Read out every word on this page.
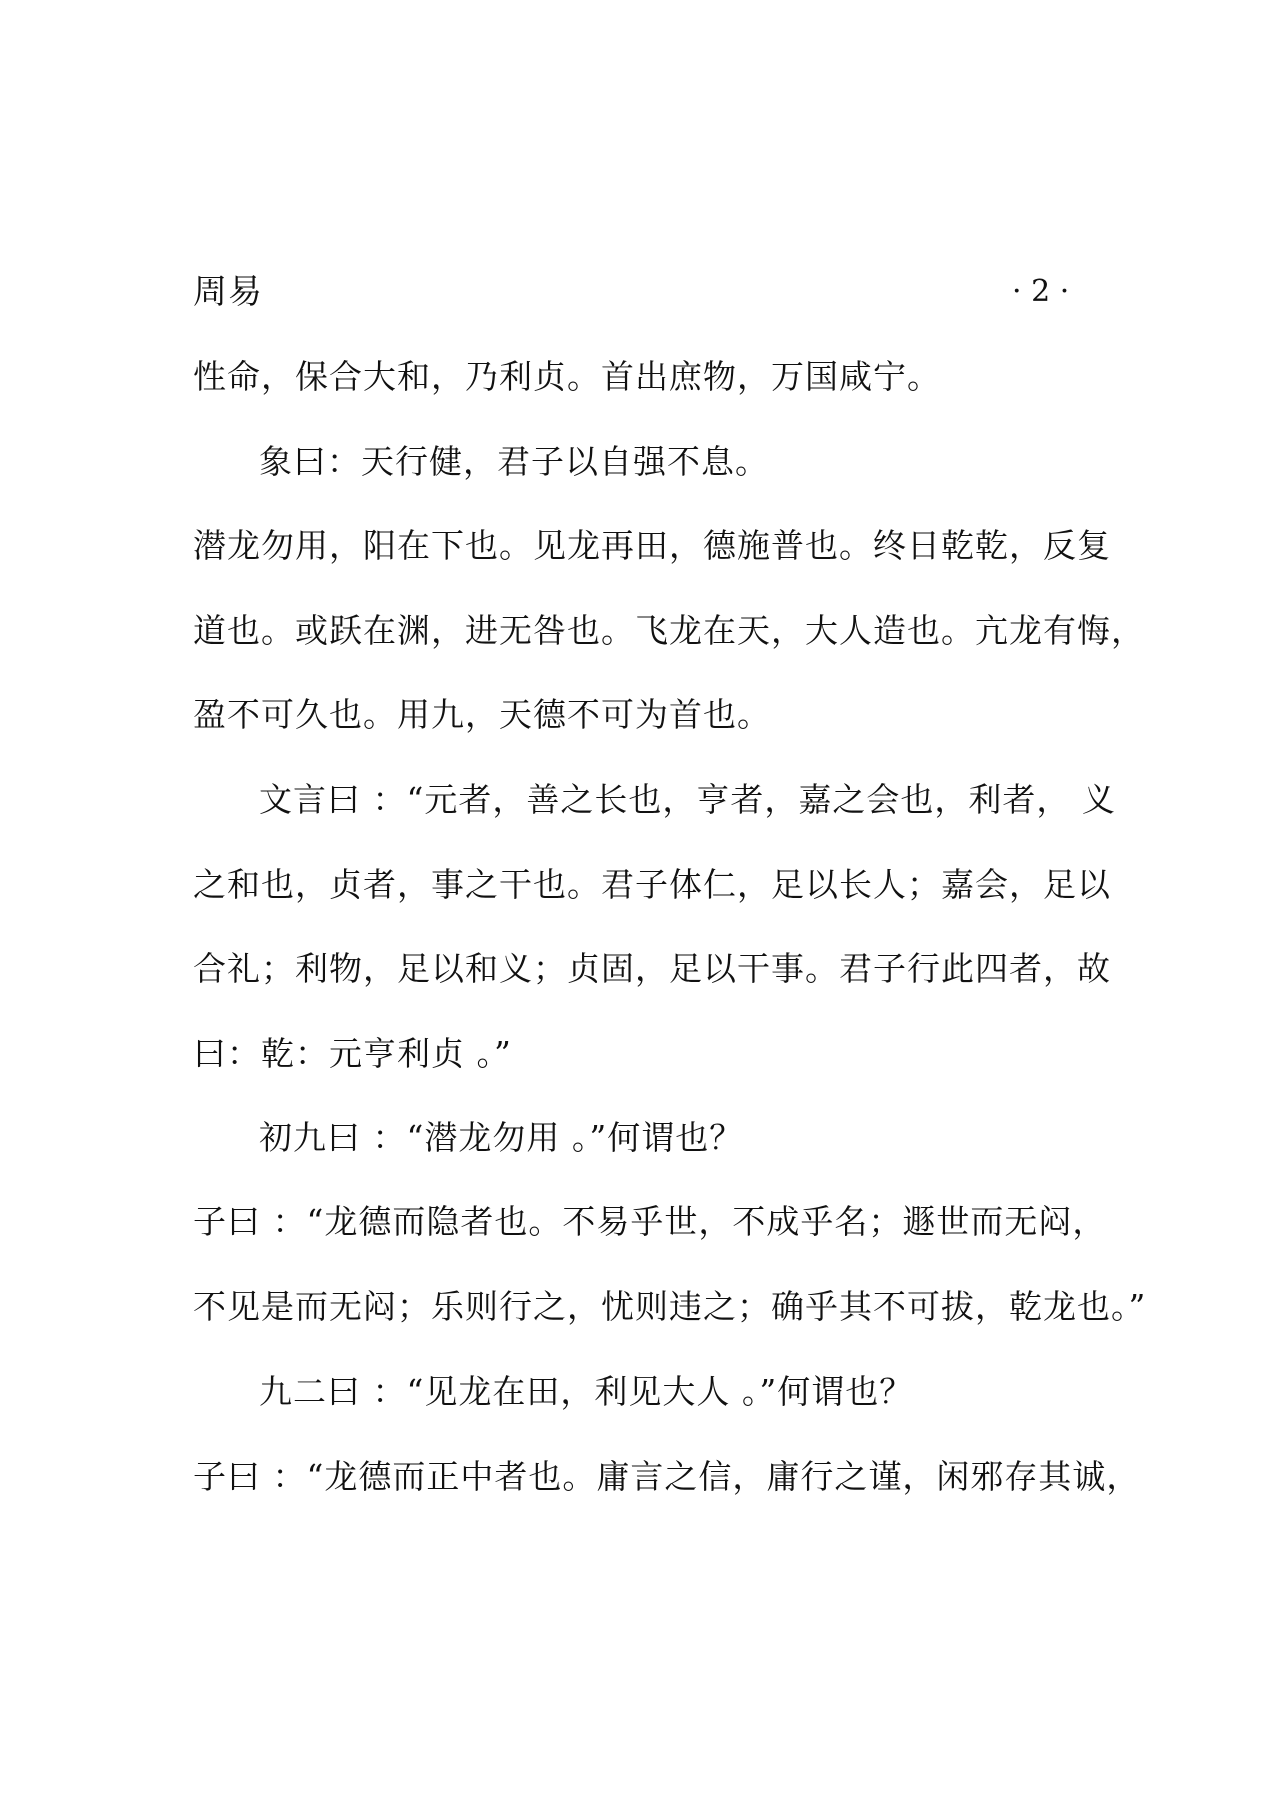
周易	· 2 ·
性命，保合大和，乃利贞。首出庶物，万国咸宁。
象曰：天行健，君子以自强不息。
潜龙勿用，阳在下也。见龙再田，德施普也。终日乾乾，反复
道也。或跃在渊，进无咎也。飞龙在天，大人造也。亢龙有悔，
盈不可久也。用九，天德不可为首也。
文言曰 ：“元者，善之长也，亨者，嘉之会也，利者， 义
之和也，贞者，事之干也。君子体仁，足以长人；嘉会，足以
合礼；利物，足以和义；贞固，足以干事。君子行此四者，故
曰：乾：元亨利贞 。”
初九曰 ：“潜龙勿用 。”何谓也？
子曰 ：“龙德而隐者也。不易乎世，不成乎名；遯世而无闷，
不见是而无闷；乐则行之，忧则违之；确乎其不可拔，乾龙也。”
九二曰 ：“见龙在田，利见大人 。”何谓也？
子曰 ：“龙德而正中者也。庸言之信，庸行之谨，闲邪存其诚，
